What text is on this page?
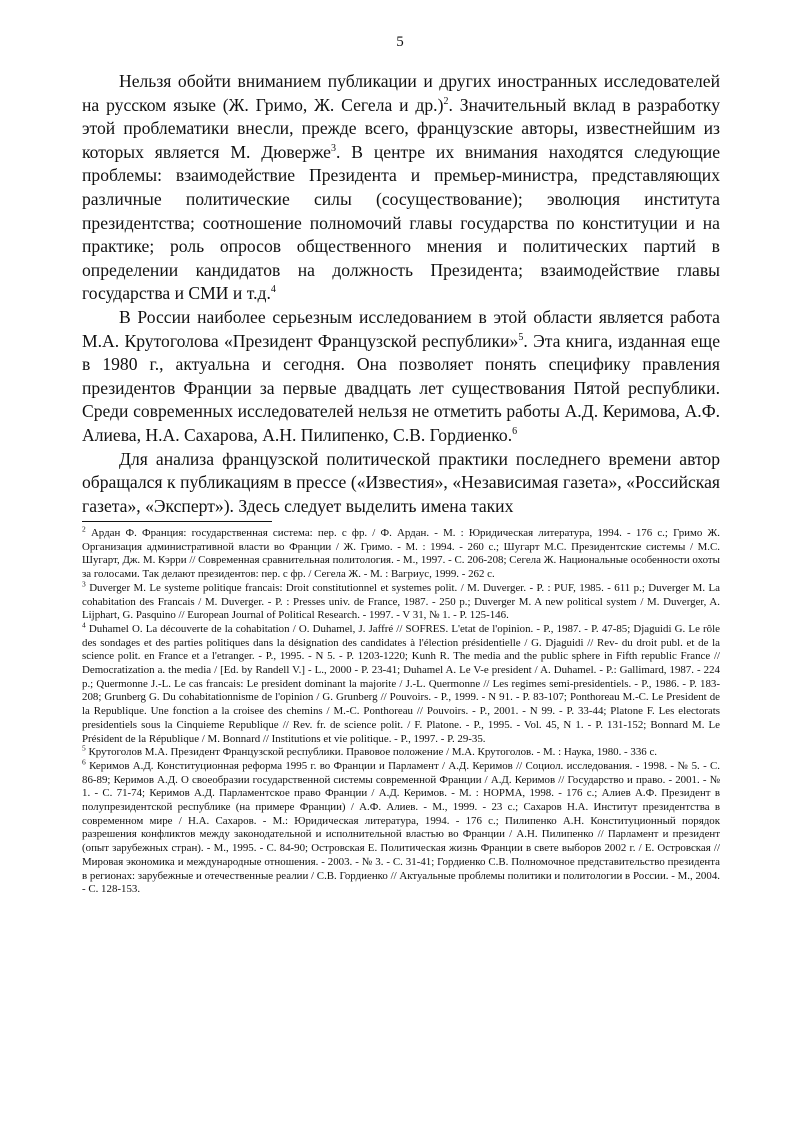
5

Нельзя обойти вниманием публикации и других иностранных исследователей на русском языке (Ж. Гримо, Ж. Сегела и др.)$^2$. Значительный вклад в разработку этой проблематики внесли, прежде всего, французские авторы, известнейшим из которых является М. Дюверже$^3$. В центре их внимания находятся следующие проблемы: взаимодействие Президента и премьер-министра, представляющих различные политические силы (сосуществование); эволюция института президентства; соотношение полномочий главы государства по конституции и на практике; роль опросов общественного мнения и политических партий в определении кандидатов на должность Президента; взаимодействие главы государства и СМИ и т.д.$^4$

В России наиболее серьезным исследованием в этой области является работа М.А. Крутоголова «Президент Французской республики»$^5$. Эта книга, изданная еще в 1980 г., актуальна и сегодня. Она позволяет понять специфику правления президентов Франции за первые двадцать лет существования Пятой республики. Среди современных исследователей нельзя не отметить работы А.Д. Керимова, А.Ф. Алиева, Н.А. Сахарова, А.Н. Пилипенко, С.В. Гордиенко.$^6$

Для анализа французской политической практики последнего времени автор обращался к публикациям в прессе («Известия», «Независимая газета», «Российская газета», «Эксперт»). Здесь следует выделить имена таких

$^2$ Ардан Ф. Франция: государственная система: пер. с фр. / Ф. Ардан. - М. : Юридическая литература, 1994. - 176 с.; Гримо Ж. Организация административной власти во Франции / Ж. Гримо. - М. : 1994. - 260 с.; Шугарт М.С. Президентские системы / М.С. Шугарт, Дж. М. Кэрри // Современная сравнительная политология. - М., 1997. - С. 206-208; Сегела Ж. Национальные особенности охоты за голосами. Так делают президентов: пер. с фр. / Сегела Ж. - М. : Вагриус, 1999. - 262 с.

$^3$ Duverger M. Le systeme politique francais: Droit constitutionnel et systemes polit. / M. Duverger. - P. : PUF, 1985. - 611 p.; Duverger M. La cohabitation des Francais / M. Duverger. - P. : Presses univ. de France, 1987. - 250 p.; Duverger M. A new political system / M. Duverger, A. Lijphart, G. Pasquino // European Journal of Political Research. - 1997. - V 31, № 1. - P. 125-146.

$^4$ Duhamel O. La découverte de la cohabitation / O. Duhamel, J. Jaffré // SOFRES. L'etat de l'opinion. - P., 1987. - P. 47-85; Djaguidi G. Le rôle des sondages et des parties politiques dans la désignation des candidates à l'élection présidentielle / G. Djaguidi // Rev- du droit publ. et de la science polit. en France et a l'etranger. - P., 1995. - N 5. - P. 1203-1220; Kunh R. The media and the public sphere in Fifth republic France // Democratization a. the media / [Ed. by Randell V.] - L., 2000 - P. 23-41; Duhamel A. Le V-e president / A. Duhamel. - P.: Gallimard, 1987. - 224 p.; Quermonne J.-L. Le cas francais: Le president dominant la majorite / J.-L. Quermonne // Les regimes semi-presidentiels. - P., 1986. - P. 183-208; Grunberg G. Du cohabitationnisme de l'opinion / G. Grunberg // Pouvoirs. - P., 1999. - N 91. - P. 83-107; Ponthoreau M.-C. Le President de la Republique. Une fonction a la croisee des chemins / M.-C. Ponthoreau // Pouvoirs. - P., 2001. - N 99. - P. 33-44; Platone F. Les electorats presidentiels sous la Cinquieme Republique // Rev. fr. de science polit. / F. Platone. - P., 1995. - Vol. 45, N 1. - P. 131-152; Bonnard M. Le Président de la République / M. Bonnard // Institutions et vie politique. - P., 1997. - P. 29-35.

$^5$ Крутоголов М.А. Президент Французской республики. Правовое положение / М.А. Крутоголов. - М. : Наука, 1980. - 336 с.

$^6$ Керимов А.Д. Конституционная реформа 1995 г. во Франции и Парламент / А.Д. Керимов // Социол. исследования. - 1998. - № 5. - С. 86-89; Керимов А.Д. О своеобразии государственной системы современной Франции / А.Д. Керимов // Государство и право. - 2001. - № 1. - С. 71-74; Керимов А.Д. Парламентское право Франции / А.Д. Керимов. - М. : НОРМА, 1998. - 176 с.; Алиев А.Ф. Президент в полупрезидентской республике (на примере Франции) / А.Ф. Алиев. - М., 1999. - 23 с.; Сахаров Н.А. Институт президентства в современном мире / Н.А. Сахаров. - М.: Юридическая литература, 1994. - 176 с.; Пилипенко А.Н. Конституционный порядок разрешения конфликтов между законодательной и исполнительной властью во Франции / А.Н. Пилипенко // Парламент и президент (опыт зарубежных стран). - М., 1995. - С. 84-90; Островская Е. Политическая жизнь Франции в свете выборов 2002 г. / Е. Островская // Мировая экономика и международные отношения. - 2003. - № 3. - С. 31-41; Гордиенко С.В. Полномочное представительство президента в регионах: зарубежные и отечественные реалии / С.В. Гордиенко // Актуальные проблемы политики и политологии в России. - М., 2004. - С. 128-153.
